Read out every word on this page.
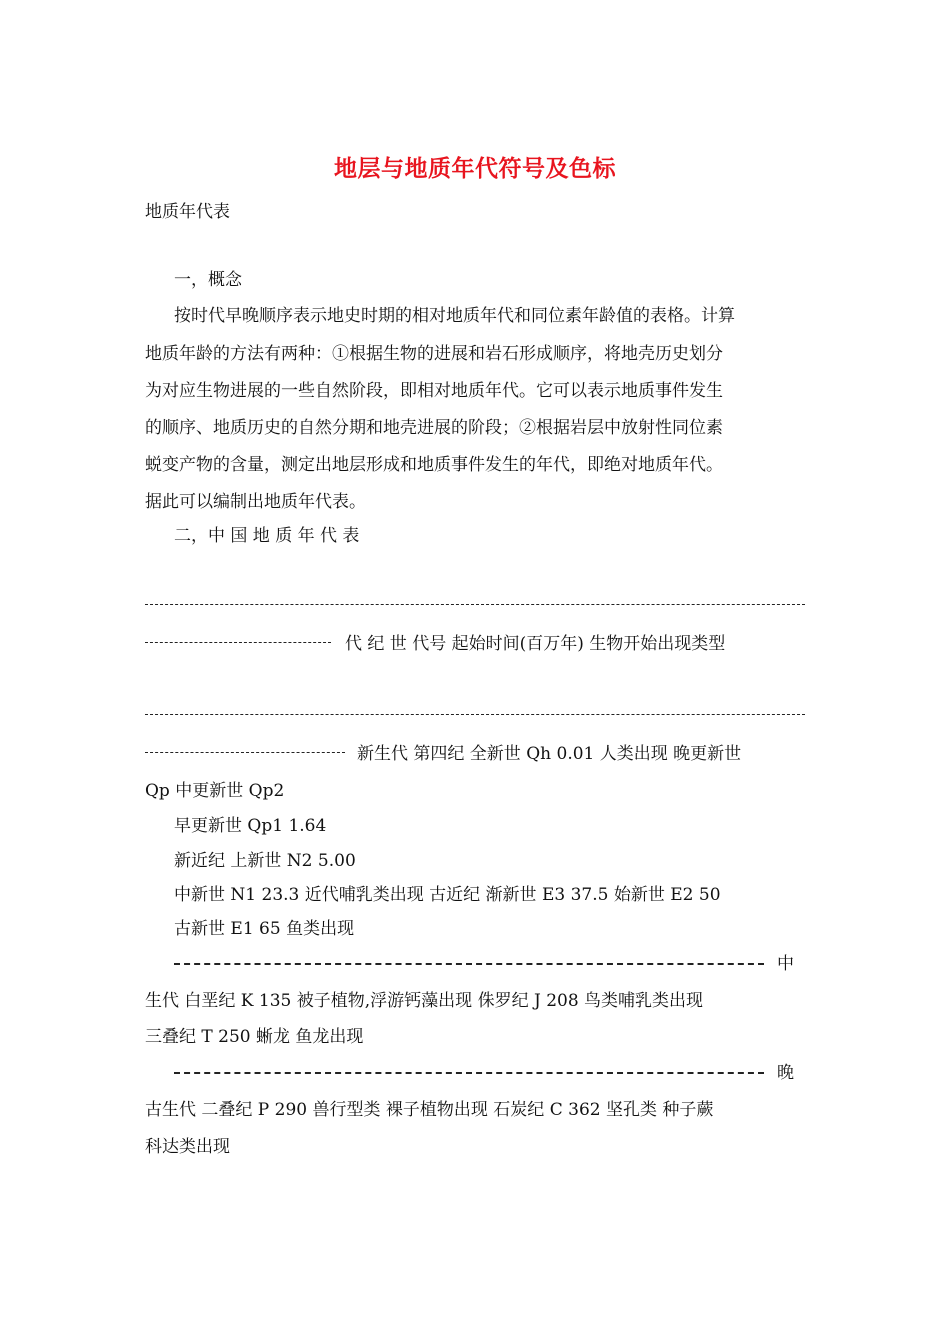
地层与地质年代符号及色标
地质年代表
一，概念
按时代早晚顺序表示地史时期的相对地质年代和同位素年龄值的表格。计算
地质年龄的方法有两种：①根据生物的进展和岩石形成顺序，将地壳历史划分
为对应生物进展的一些自然阶段，即相对地质年代。它可以表示地质事件发生
的顺序、地质历史的自然分期和地壳进展的阶段；②根据岩层中放射性同位素
蜕变产物的含量，测定出地层形成和地质事件发生的年代，即绝对地质年代。
据此可以编制出地质年代表。
二，中 国 地 质 年 代 表
代 纪 世 代号 起始时间(百万年) 生物开始出现类型
新生代 第四纪 全新世 Qh 0.01 人类出现 晚更新世
Qp 中更新世 Qp2
早更新世 Qp1 1.64
新近纪 上新世 N2 5.00
中新世 N1 23.3 近代哺乳类出现 古近纪 渐新世 E3 37.5 始新世 E2 50
古新世 E1 65 鱼类出现
中
生代 白垩纪 K 135 被子植物,浮游钙藻出现 侏罗纪 J 208 鸟类哺乳类出现
三叠纪 T 250 蜥龙 鱼龙出现
晚
古生代 二叠纪 P 290 兽行型类 裸子植物出现 石炭纪 C 362 坚孔类 种子蕨
科达类出现
